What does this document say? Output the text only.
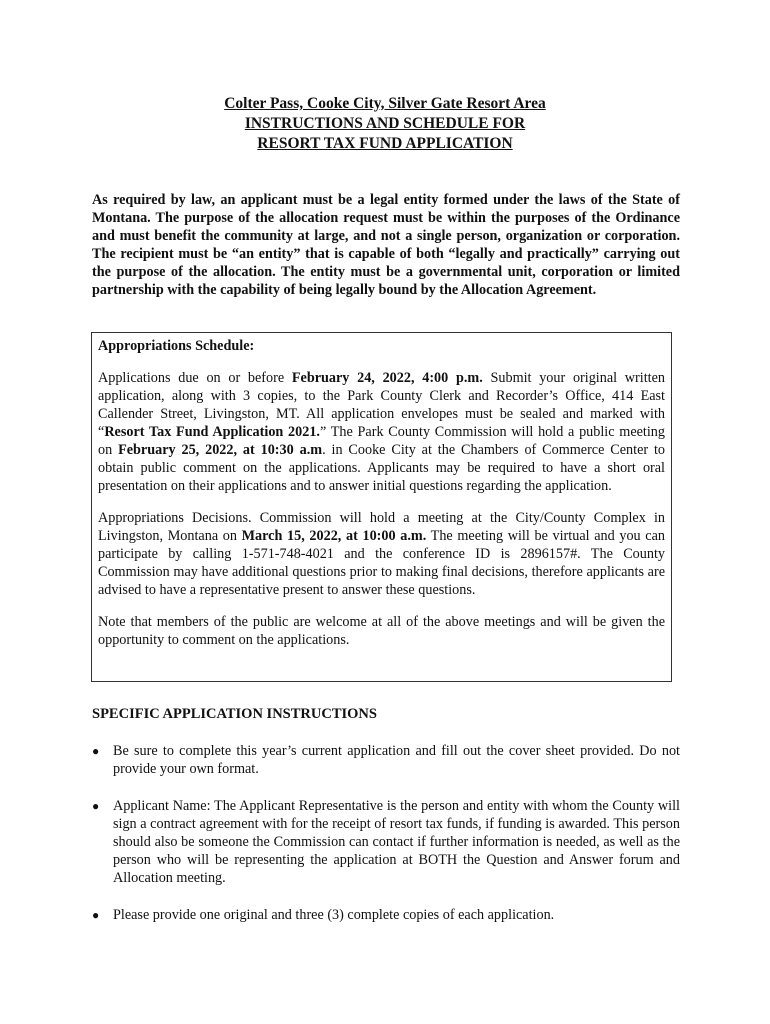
Colter Pass, Cooke City, Silver Gate Resort Area
INSTRUCTIONS AND SCHEDULE FOR
RESORT TAX FUND APPLICATION

As required by law, an applicant must be a legal entity formed under the laws of the State of Montana. The purpose of the allocation request must be within the purposes of the Ordinance and must benefit the community at large, and not a single person, organization or corporation. The recipient must be “an entity” that is capable of both “legally and practically” carrying out the purpose of the allocation. The entity must be a governmental unit, corporation or limited partnership with the capability of being legally bound by the Allocation Agreement.

Appropriations Schedule:

Applications due on or before February 24, 2022, 4:00 p.m. Submit your original written application, along with 3 copies, to the Park County Clerk and Recorder’s Office, 414 East Callender Street, Livingston, MT. All application envelopes must be sealed and marked with “Resort Tax Fund Application 2021.” The Park County Commission will hold a public meeting on February 25, 2022, at 10:30 a.m. in Cooke City at the Chambers of Commerce Center to obtain public comment on the applications. Applicants may be required to have a short oral presentation on their applications and to answer initial questions regarding the application.

Appropriations Decisions. Commission will hold a meeting at the City/County Complex in Livingston, Montana on March 15, 2022, at 10:00 a.m. The meeting will be virtual and you can participate by calling 1-571-748-4021 and the conference ID is 2896157#. The County Commission may have additional questions prior to making final decisions, therefore applicants are advised to have a representative present to answer these questions.

Note that members of the public are welcome at all of the above meetings and will be given the opportunity to comment on the applications.

SPECIFIC APPLICATION INSTRUCTIONS
● Be sure to complete this year’s current application and fill out the cover sheet provided. Do not provide your own format.
● Applicant Name: The Applicant Representative is the person and entity with whom the County will sign a contract agreement with for the receipt of resort tax funds, if funding is awarded. This person should also be someone the Commission can contact if further information is needed, as well as the person who will be representing the application at BOTH the Question and Answer forum and Allocation meeting.
● Please provide one original and three (3) complete copies of each application.
